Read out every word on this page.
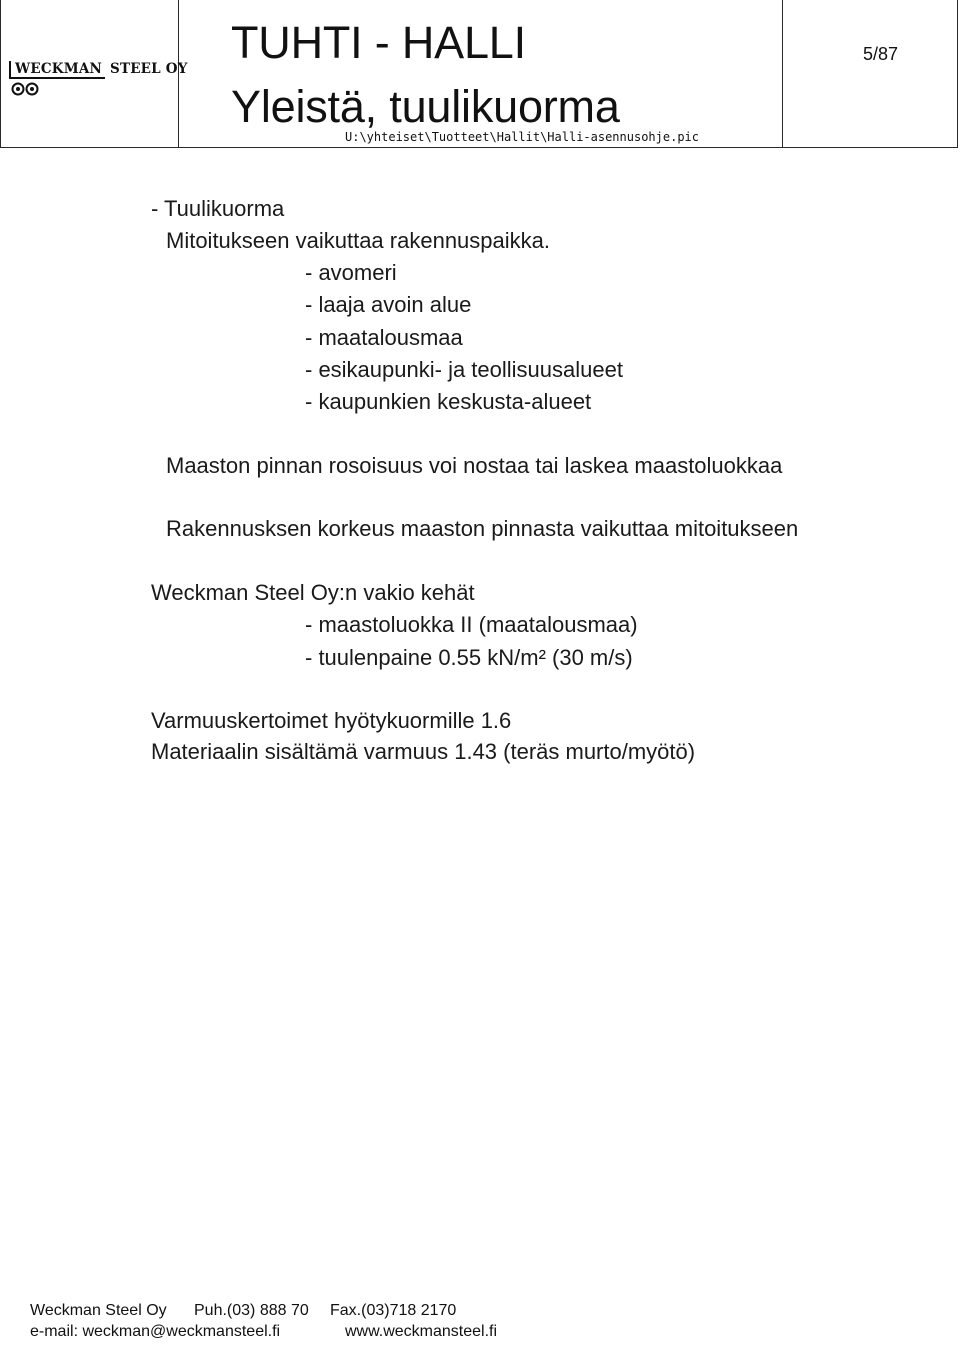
WECKMAN STEEL OY
TUHTI - HALLI
Yleistä, tuulikuorma
U:\yhteiset\Tuotteet\Hallit\Halli-asennusohje.pic
5/87
- Tuulikuorma
Mitoitukseen vaikuttaa rakennuspaikka.
- avomeri
- laaja avoin alue
- maatalousmaa
- esikaupunki- ja teollisuusalueet
- kaupunkien keskusta-alueet
Maaston pinnan rosoisuus voi nostaa tai laskea maastoluokkaa
Rakennusksen korkeus maaston pinnasta vaikuttaa mitoitukseen
Weckman Steel Oy:n vakio kehät
- maastoluokka II (maatalousmaa)
- tuulenpaine 0.55 kN/m² (30 m/s)
Varmuuskertoimet hyötykuormille 1.6
Materiaalin sisältämä varmuus 1.43 (teräs murto/myötö)
Weckman Steel Oy Puh.(03) 888 70 Fax.(03)718 2170
e-mail: weckman@weckmansteel.fi	www.weckmansteel.fi
